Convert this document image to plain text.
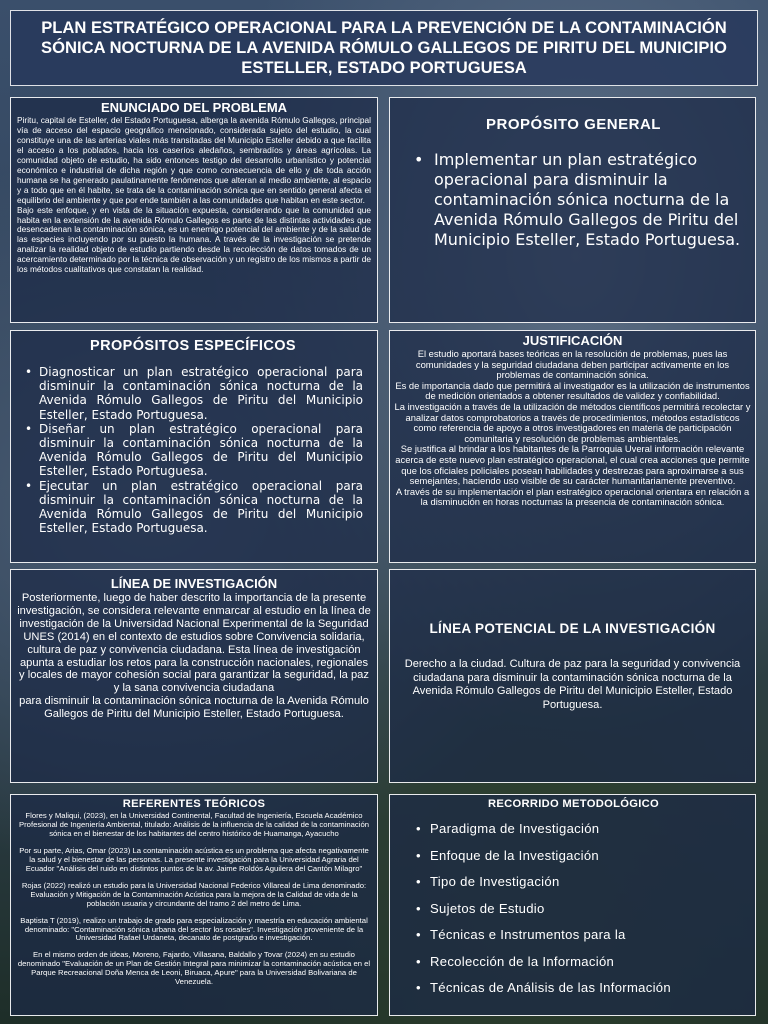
PLAN ESTRATÉGICO OPERACIONAL PARA LA PREVENCIÓN DE LA CONTAMINACIÓN SÓNICA NOCTURNA DE LA AVENIDA RÓMULO GALLEGOS DE PIRITU DEL MUNICIPIO ESTELLER, ESTADO PORTUGUESA
ENUNCIADO DEL PROBLEMA

Piritu, capital de Esteller, del Estado Portuguesa, alberga la avenida Rómulo Gallegos, principal vía de acceso del espacio geográfico mencionado, considerada sujeto del estudio, la cual constituye una de las arterias viales más transitadas del Municipio Esteller debido a que facilita el acceso a los poblados, hacia los caseríos aledaños, sembradíos y áreas agrícolas. La comunidad objeto de estudio, ha sido entonces testigo del desarrollo urbanístico y potencial económico e industrial de dicha región y que como consecuencia de ello y de toda acción humana se ha generado paulatinamente fenómenos que alteran al medio ambiente, al espacio y a todo que en él habite, se trata de la contaminación sónica que en sentido general afecta el equilibrio del ambiente y que por ende también a las comunidades que habitan en este sector.

Bajo este enfoque, y en vista de la situación expuesta, considerando que la comunidad que habita en la extensión de la avenida Rómulo Gallegos es parte de las distintas actividades que desencadenan la contaminación sónica, es un enemigo potencial del ambiente y de la salud de las especies incluyendo por su puesto la humana. A través de la investigación se pretende analizar la realidad objeto de estudio partiendo desde la recolección de datos tomados de un acercamiento determinado por la técnica de observación y un registro de los mismos a partir de los métodos cualitativos que constatan la realidad.

PROPÓSITO GENERAL
• Implementar un plan estratégico operacional para disminuir la contaminación sónica nocturna de la Avenida Rómulo Gallegos de Piritu del Municipio Esteller, Estado Portuguesa.
PROPÓSITOS ESPECÍFICOS
• Diagnosticar un plan estratégico operacional para disminuir la contaminación sónica nocturna de la Avenida Rómulo Gallegos de Piritu del Municipio Esteller, Estado Portuguesa.
• Diseñar un plan estratégico operacional para disminuir la contaminación sónica nocturna de la Avenida Rómulo Gallegos de Piritu del Municipio Esteller, Estado Portuguesa.
• Ejecutar un plan estratégico operacional para disminuir la contaminación sónica nocturna de la Avenida Rómulo Gallegos de Piritu del Municipio Esteller, Estado Portuguesa.
JUSTIFICACIÓN

El estudio aportará bases teóricas en la resolución de problemas, pues las comunidades y la seguridad ciudadana deben participar activamente en los problemas de contaminación sónica.

Es de importancia dado que permitirá al investigador es la utilización de instrumentos de medición orientados a obtener resultados de validez y confiabilidad.

La investigación a través de la utilización de métodos científicos permitirá recolectar y analizar datos comprobatorios a través de procedimientos, métodos estadísticos como referencia de apoyo a otros investigadores en materia de participación comunitaria y resolución de problemas ambientales.

Se justifica al brindar a los habitantes de la Parroquia Uveral información relevante acerca de este nuevo plan estratégico operacional, el cual crea acciones que permite que los oficiales policiales posean habilidades y destrezas para aproximarse a sus semejantes, haciendo uso visible de su carácter humanitariamente preventivo.

A través de su implementación el plan estratégico operacional orientara en relación a la disminución en horas nocturnas la presencia de contaminación sónica.

LÍNEA DE INVESTIGACIÓN

Posteriormente, luego de haber descrito la importancia de la presente investigación, se considera relevante enmarcar al estudio en la línea de investigación de la Universidad Nacional Experimental de la Seguridad UNES (2014) en el contexto de estudios sobre Convivencia solidaria, cultura de paz y convivencia ciudadana. Esta línea de investigación apunta a estudiar los retos para la construcción nacionales, regionales y locales de mayor cohesión social para garantizar la seguridad, la paz y la sana convivencia ciudadana

para disminuir la contaminación sónica nocturna de la Avenida Rómulo Gallegos de Piritu del Municipio Esteller, Estado Portuguesa.

LÍNEA POTENCIAL DE LA INVESTIGACIÓN

Derecho a la ciudad. Cultura de paz para la seguridad y convivencia ciudadana para disminuir la contaminación sónica nocturna de la Avenida Rómulo Gallegos de Piritu del Municipio Esteller, Estado Portuguesa.

REFERENTES TEÓRICOS

Flores y Maliqui, (2023), en la Universidad Continental, Facultad de Ingeniería, Escuela Académico Profesional de Ingeniería Ambiental, titulado: Análisis de la influencia de la calidad de la contaminación sónica en el bienestar de los habitantes del centro histórico de Huamanga, Ayacucho

Por su parte, Arias, Omar (2023) La contaminación acústica es un problema que afecta negativamente la salud y el bienestar de las personas. La presente investigación para la Universidad Agraria del Ecuador "Análisis del ruido en distintos puntos de la av. Jaime Roldós Aguilera del Cantón Milagro"

Rojas (2022) realizó un estudio para la Universidad Nacional Federico Villareal de Lima denominado: Evaluación y Mitigación de la Contaminación Acústica para la mejora de la Calidad de vida de la población usuaria y circundante del tramo 2 del metro de Lima.

Baptista T (2019), realizo un trabajo de grado para especialización y maestría en educación ambiental denominado: "Contaminación sónica urbana del sector los rosales". Investigación proveniente de la Universidad Rafael Urdaneta, decanato de postgrado e investigación.

En el mismo orden de ideas, Moreno, Fajardo, Villasana, Baldallo y Tovar (2024) en su estudio denominado "Evaluación de un Plan de Gestión Integral para minimizar la contaminación acústica en el Parque Recreacional Doña Menca de Leoni, Biruaca, Apure" para la Universidad Bolivariana de Venezuela.

RECORRIDO METODOLÓGICO
• Paradigma de Investigación
• Enfoque de la Investigación
• Tipo de Investigación
• Sujetos de Estudio
• Técnicas e Instrumentos para la
• Recolección de la Información
• Técnicas de Análisis de las Información
